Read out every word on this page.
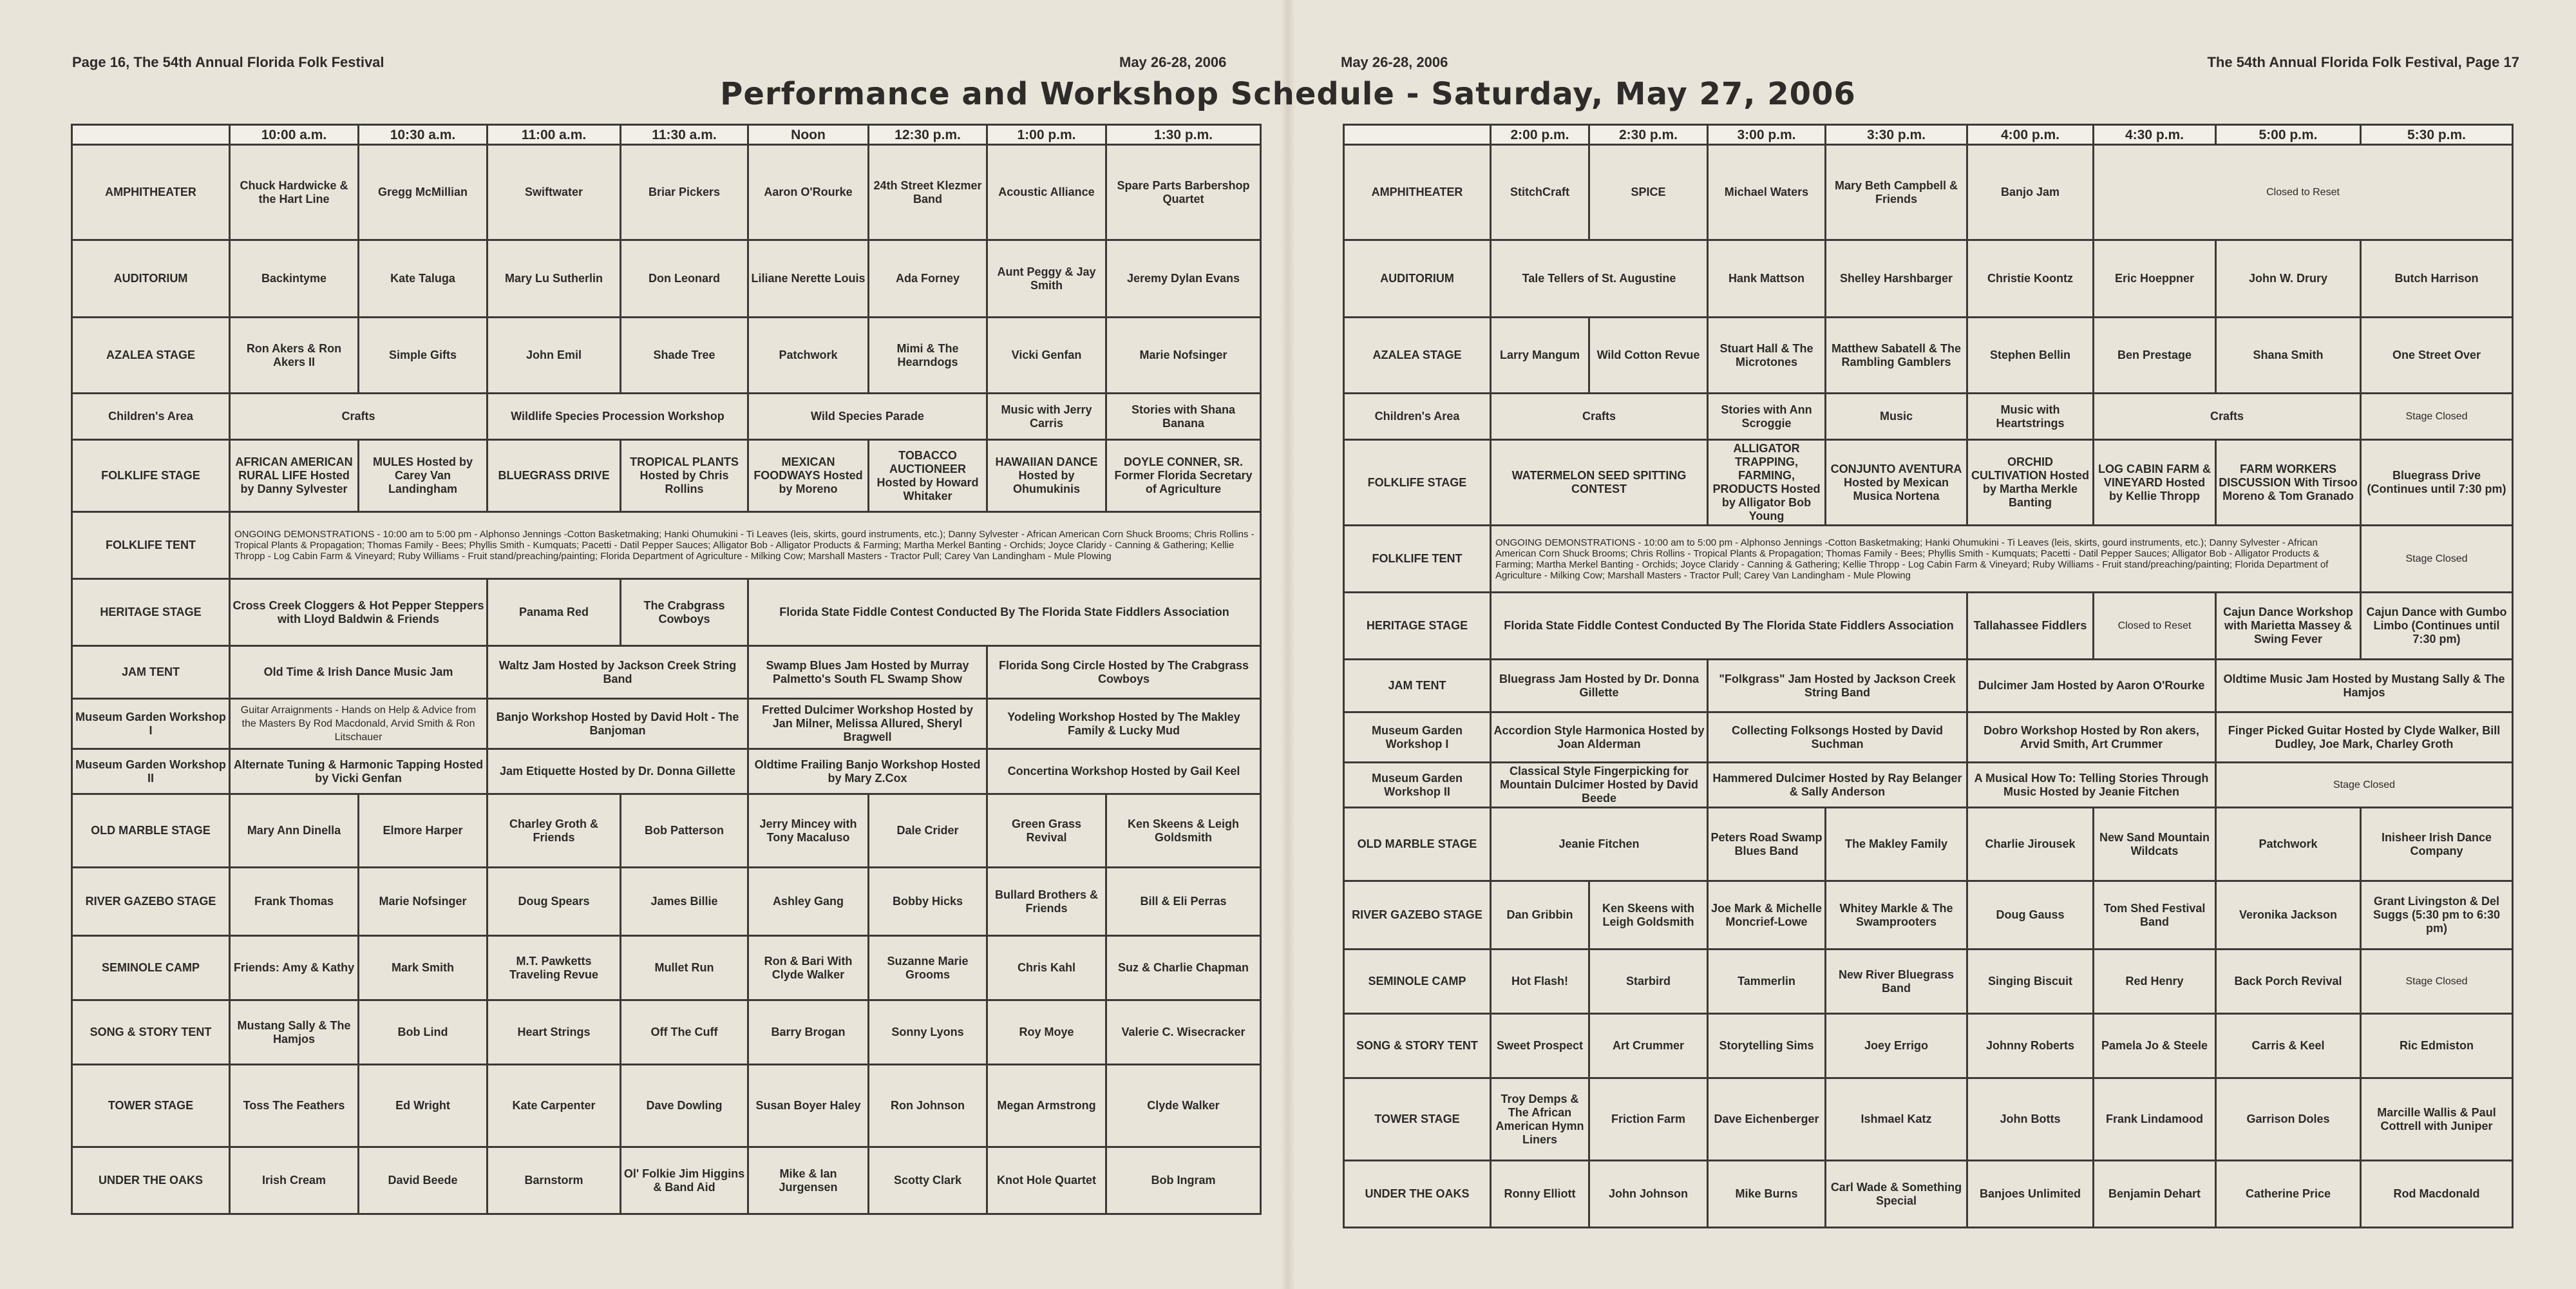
Page 16, The 54th Annual Florida Folk Festival	May 26-28, 2006	May 26-28, 2006	The 54th Annual Florida Folk Festival, Page 17
Performance and Workshop Schedule - Saturday, May 27, 2006
	10:00 a.m.	10:30 a.m.	11:00 a.m.	11:30 a.m.	Noon	12:30 p.m.	1:00 p.m.	1:30 p.m.
AMPHITHEATER	Chuck Hardwicke & the Hart Line	Gregg McMillian	Swiftwater	Briar Pickers	Aaron O'Rourke	24th Street Klezmer Band	Acoustic Alliance	Spare Parts Barbershop Quartet
AUDITORIUM	Backintyme	Kate Taluga	Mary Lu Sutherlin	Don Leonard	Liliane Nerette Louis	Ada Forney	Aunt Peggy & Jay Smith	Jeremy Dylan Evans
AZALEA STAGE	Ron Akers & Ron Akers II	Simple Gifts	John Emil	Shade Tree	Patchwork	Mimi & The Hearndogs	Vicki Genfan	Marie Nofsinger
Children's Area	Crafts		Wildlife Species Procession Workshop		Wild Species Parade		Music with Jerry Carris	Stories with Shana Banana
FOLKLIFE STAGE	AFRICAN AMERICAN RURAL LIFE Hosted by Danny Sylvester	MULES Hosted by Carey Van Landingham	BLUEGRASS DRIVE	TROPICAL PLANTS Hosted by Chris Rollins	MEXICAN FOODWAYS Hosted by Moreno	TOBACCO AUCTIONEER Hosted by Howard Whitaker	HAWAIIAN DANCE Hosted by Ohumukinis	DOYLE CONNER, SR. Former Florida Secretary of Agriculture
FOLKLIFE TENT	ONGOING DEMONSTRATIONS - 10:00 am to 5:00 pm - Alphonso Jennings -Cotton Basketmaking; Hanki Ohumukini - Ti Leaves (leis, skirts, gourd instruments, etc.); Danny Sylvester - African American Corn Shuck Brooms; Chris Rollins - Tropical Plants & Propagation; Thomas Family - Bees; Phyllis Smith - Kumquats; Pacetti - Datil Pepper Sauces; Alligator Bob - Alligator Products & Farming; Martha Merkel Banting - Orchids; Joyce Claridy - Canning & Gathering; Kellie Thropp - Log Cabin Farm & Vineyard; Ruby Williams - Fruit stand/preaching/painting; Florida Department of Agriculture - Milking Cow; Marshall Masters - Tractor Pull; Carey Van Landingham - Mule Plowing							
HERITAGE STAGE	Cross Creek Cloggers & Hot Pepper Steppers with Lloyd Baldwin & Friends		Panama Red	The Crabgrass Cowboys	Florida State Fiddle Contest Conducted By The Florida State Fiddlers Association			
JAM TENT	Old Time & Irish Dance Music Jam		Waltz Jam Hosted by Jackson Creek String Band		Swamp Blues Jam Hosted by Murray Palmetto's South FL Swamp Show		Florida Song Circle Hosted by The Crabgrass Cowboys	
Museum Garden Workshop I	Guitar Arraignments - Hands on Help & Advice from the Masters By Rod Macdonald, Arvid Smith & Ron Litschauer		Banjo Workshop Hosted by David Holt - The Banjoman		Fretted Dulcimer Workshop Hosted by Jan Milner, Melissa Allured, Sheryl Bragwell		Yodeling Workshop Hosted by The Makley Family & Lucky Mud	
Museum Garden Workshop II	Alternate Tuning & Harmonic Tapping Hosted by Vicki Genfan		Jam Etiquette Hosted by Dr. Donna Gillette		Oldtime Frailing Banjo Workshop Hosted by Mary Z.Cox		Concertina Workshop Hosted by Gail Keel	
OLD MARBLE STAGE	Mary Ann Dinella	Elmore Harper	Charley Groth & Friends	Bob Patterson	Jerry Mincey with Tony Macaluso	Dale Crider	Green Grass Revival	Ken Skeens & Leigh Goldsmith
RIVER GAZEBO STAGE	Frank Thomas	Marie Nofsinger	Doug Spears	James Billie	Ashley Gang	Bobby Hicks	Bullard Brothers & Friends	Bill & Eli Perras
SEMINOLE CAMP	Friends: Amy & Kathy	Mark Smith	M.T. Pawketts Traveling Revue	Mullet Run	Ron & Bari With Clyde Walker	Suzanne Marie Grooms	Chris Kahl	Suz & Charlie Chapman
SONG & STORY TENT	Mustang Sally & The Hamjos	Bob Lind	Heart Strings	Off The Cuff	Barry Brogan	Sonny Lyons	Roy Moye	Valerie C. Wisecracker
TOWER STAGE	Toss The Feathers	Ed Wright	Kate Carpenter	Dave Dowling	Susan Boyer Haley	Ron Johnson	Megan Armstrong	Clyde Walker
UNDER THE OAKS	Irish Cream	David Beede	Barnstorm	Ol' Folkie Jim Higgins & Band Aid	Mike & Ian Jurgensen	Scotty Clark	Knot Hole Quartet	Bob Ingram
	2:00 p.m.	2:30 p.m.	3:00 p.m.	3:30 p.m.	4:00 p.m.	4:30 p.m.	5:00 p.m.	5:30 p.m.
AMPHITHEATER	StitchCraft	SPICE	Michael Waters	Mary Beth Campbell & Friends	Banjo Jam	Closed to Reset		
AUDITORIUM	Tale Tellers of St. Augustine		Hank Mattson	Shelley Harshbarger	Christie Koontz	Eric Hoeppner	John W. Drury	Butch Harrison
AZALEA STAGE	Larry Mangum	Wild Cotton Revue	Stuart Hall & The Microtones	Matthew Sabatell & The Rambling Gamblers	Stephen Bellin	Ben Prestage	Shana Smith	One Street Over
Children's Area	Crafts		Stories with Ann Scroggie	Music	Music with Heartstrings	Crafts		Stage Closed
FOLKLIFE STAGE	WATERMELON SEED SPITTING CONTEST		ALLIGATOR TRAPPING, FARMING, PRODUCTS Hosted by Alligator Bob Young	CONJUNTO AVENTURA Hosted by Mexican Musica Nortena	ORCHID CULTIVATION Hosted by Martha Merkle Banting	LOG CABIN FARM & VINEYARD Hosted by Kellie Thropp	FARM WORKERS DISCUSSION With Tirsoo Moreno & Tom Granado	Bluegrass Drive (Continues until 7:30 pm)
FOLKLIFE TENT	ONGOING DEMONSTRATIONS - 10:00 am to 5:00 pm - Alphonso Jennings -Cotton Basketmaking; Hanki Ohumukini - Ti Leaves (leis, skirts, gourd instruments, etc.); Danny Sylvester - African American Corn Shuck Brooms; Chris Rollins - Tropical Plants & Propagation; Thomas Family - Bees; Phyllis Smith - Kumquats; Pacetti - Datil Pepper Sauces; Alligator Bob - Alligator Products & Farming; Martha Merkel Banting - Orchids; Joyce Claridy - Canning & Gathering; Kellie Thropp - Log Cabin Farm & Vineyard; Ruby Williams - Fruit stand/preaching/painting; Florida Department of Agriculture - Milking Cow; Marshall Masters - Tractor Pull; Carey Van Landingham - Mule Plowing							Stage Closed
HERITAGE STAGE	Florida State Fiddle Contest Conducted By The Florida State Fiddlers Association				Tallahassee Fiddlers	Closed to Reset	Cajun Dance Workshop with Marietta Massey & Swing Fever	Cajun Dance with Gumbo Limbo (Continues until 7:30 pm)
JAM TENT	Bluegrass Jam Hosted by Dr. Donna Gillette		"Folkgrass" Jam Hosted by Jackson Creek String Band		Dulcimer Jam Hosted by Aaron O'Rourke		Oldtime Music Jam Hosted by Mustang Sally & The Hamjos	
Museum Garden Workshop I	Accordion Style Harmonica Hosted by Joan Alderman		Collecting Folksongs Hosted by David Suchman		Dobro Workshop Hosted by Ron akers, Arvid Smith, Art Crummer		Finger Picked Guitar Hosted by Clyde Walker, Bill Dudley, Joe Mark, Charley Groth	
Museum Garden Workshop II	Classical Style Fingerpicking for Mountain Dulcimer Hosted by David Beede		Hammered Dulcimer Hosted by Ray Belanger & Sally Anderson		A Musical How To: Telling Stories Through Music Hosted by Jeanie Fitchen		Stage Closed	
OLD MARBLE STAGE	Jeanie Fitchen		Peters Road Swamp Blues Band	The Makley Family	Charlie Jirousek	New Sand Mountain Wildcats	Patchwork	Inisheer Irish Dance Company
RIVER GAZEBO STAGE	Dan Gribbin	Ken Skeens with Leigh Goldsmith	Joe Mark & Michelle Moncrief-Lowe	Whitey Markle & The Swamprooters	Doug Gauss	Tom Shed Festival Band	Veronika Jackson	Grant Livingston & Del Suggs (5:30 pm to 6:30 pm)
SEMINOLE CAMP	Hot Flash!	Starbird	Tammerlin	New River Bluegrass Band	Singing Biscuit	Red Henry	Back Porch Revival	Stage Closed
SONG & STORY TENT	Sweet Prospect	Art Crummer	Storytelling Sims	Joey Errigo	Johnny Roberts	Pamela Jo & Steele	Carris & Keel	Ric Edmiston
TOWER STAGE	Troy Demps & The African American Hymn Liners	Friction Farm	Dave Eichenberger	Ishmael Katz	John Botts	Frank Lindamood	Garrison Doles	Marcille Wallis & Paul Cottrell with Juniper
UNDER THE OAKS	Ronny Elliott	John Johnson	Mike Burns	Carl Wade & Something Special	Banjoes Unlimited	Benjamin Dehart	Catherine Price	Rod Macdonald
